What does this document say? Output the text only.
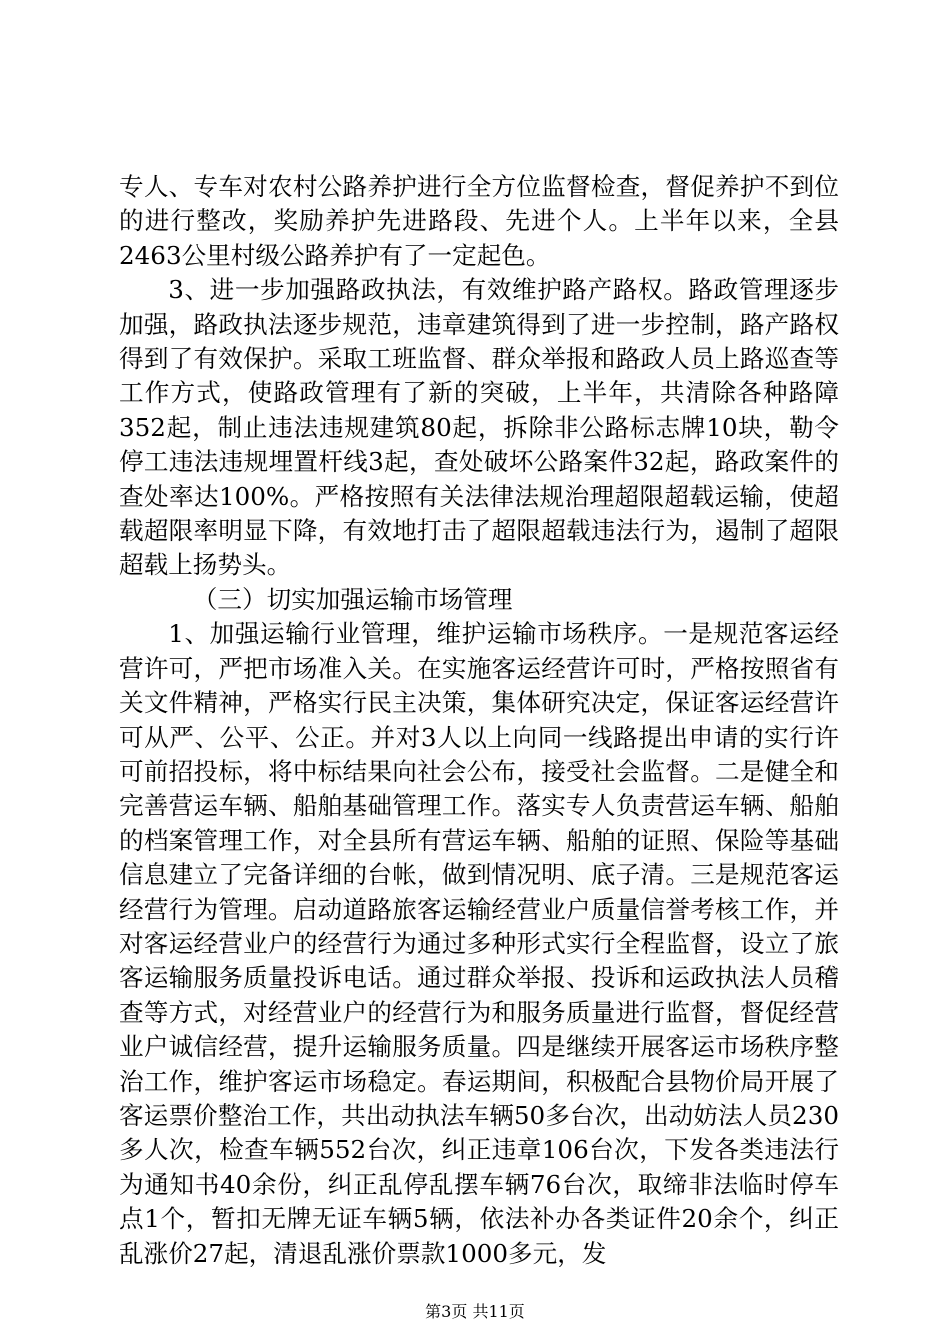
专人、专车对农村公路养护进行全方位监督检查，督促养护不到位的进行整改，奖励养护先进路段、先进个人。上半年以来，全县2463公里村级公路养护有了一定起色。

3、进一步加强路政执法，有效维护路产路权。路政管理逐步加强，路政执法逐步规范，违章建筑得到了进一步控制，路产路权得到了有效保护。采取工班监督、群众举报和路政人员上路巡查等工作方式，使路政管理有了新的突破，上半年，共清除各种路障352起，制止违法违规建筑80起，拆除非公路标志牌10块，勒令停工违法违规埋置杆线3起，查处破坏公路案件32起，路政案件的查处率达100%。严格按照有关法律法规治理超限超载运输，使超载超限率明显下降，有效地打击了超限超载违法行为，遏制了超限超载上扬势头。

（三）切实加强运输市场管理

1、加强运输行业管理，维护运输市场秩序。一是规范客运经营许可，严把市场准入关。在实施客运经营许可时，严格按照省有关文件精神，严格实行民主决策，集体研究决定，保证客运经营许可从严、公平、公正。并对3人以上向同一线路提出申请的实行许可前招投标，将中标结果向社会公布，接受社会监督。二是健全和完善营运车辆、船舶基础管理工作。落实专人负责营运车辆、船舶的档案管理工作，对全县所有营运车辆、船舶的证照、保险等基础信息建立了完备详细的台帐，做到情况明、底子清。三是规范客运经营行为管理。启动道路旅客运输经营业户质量信誉考核工作，并对客运经营业户的经营行为通过多种形式实行全程监督，设立了旅客运输服务质量投诉电话。通过群众举报、投诉和运政执法人员稽查等方式，对经营业户的经营行为和服务质量进行监督，督促经营业户诚信经营，提升运输服务质量。四是继续开展客运市场秩序整治工作，维护客运市场稳定。春运期间，积极配合县物价局开展了客运票价整治工作，共出动执法车辆50多台次，出动妨法人员230多人次，检查车辆552台次，纠正违章106台次，下发各类违法行为通知书40余份，纠正乱停乱摆车辆76台次，取缔非法临时停车点1个，暂扣无牌无证车辆5辆，依法补办各类证件20余个，纠正乱涨价27起，清退乱涨价票款1000多元，发

第3页 共11页
